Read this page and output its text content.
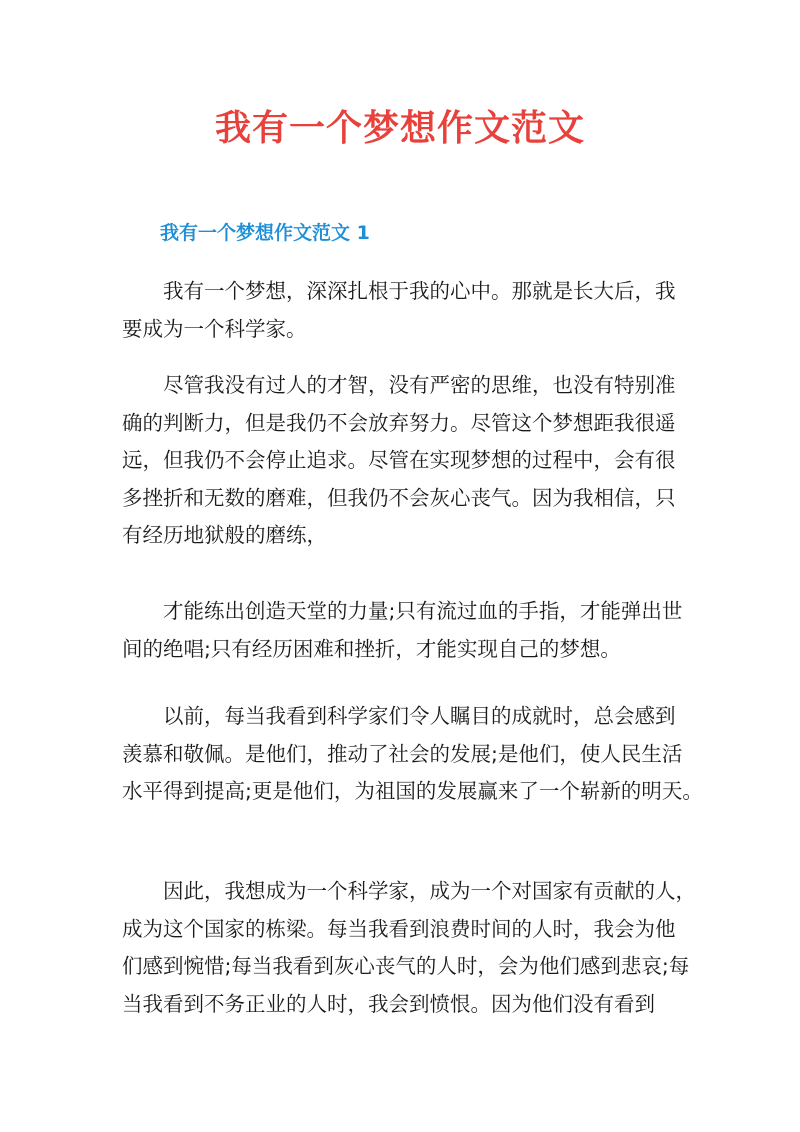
我有一个梦想作文范文
我有一个梦想作文范文 1
我有一个梦想，深深扎根于我的心中。那就是长大后，我
要成为一个科学家。
尽管我没有过人的才智，没有严密的思维，也没有特别准
确的判断力，但是我仍不会放弃努力。尽管这个梦想距我很遥
远，但我仍不会停止追求。尽管在实现梦想的过程中，会有很
多挫折和无数的磨难，但我仍不会灰心丧气。因为我相信，只
有经历地狱般的磨练，
才能练出创造天堂的力量;只有流过血的手指，才能弹出世
间的绝唱;只有经历困难和挫折，才能实现自己的梦想。
以前，每当我看到科学家们令人瞩目的成就时，总会感到
羡慕和敬佩。是他们，推动了社会的发展;是他们，使人民生活
水平得到提高;更是他们，为祖国的发展赢来了一个崭新的明天。
因此，我想成为一个科学家，成为一个对国家有贡献的人，
成为这个国家的栋梁。每当我看到浪费时间的人时，我会为他
们感到惋惜;每当我看到灰心丧气的人时，会为他们感到悲哀;每
当我看到不务正业的人时，我会到愤恨。因为他们没有看到
